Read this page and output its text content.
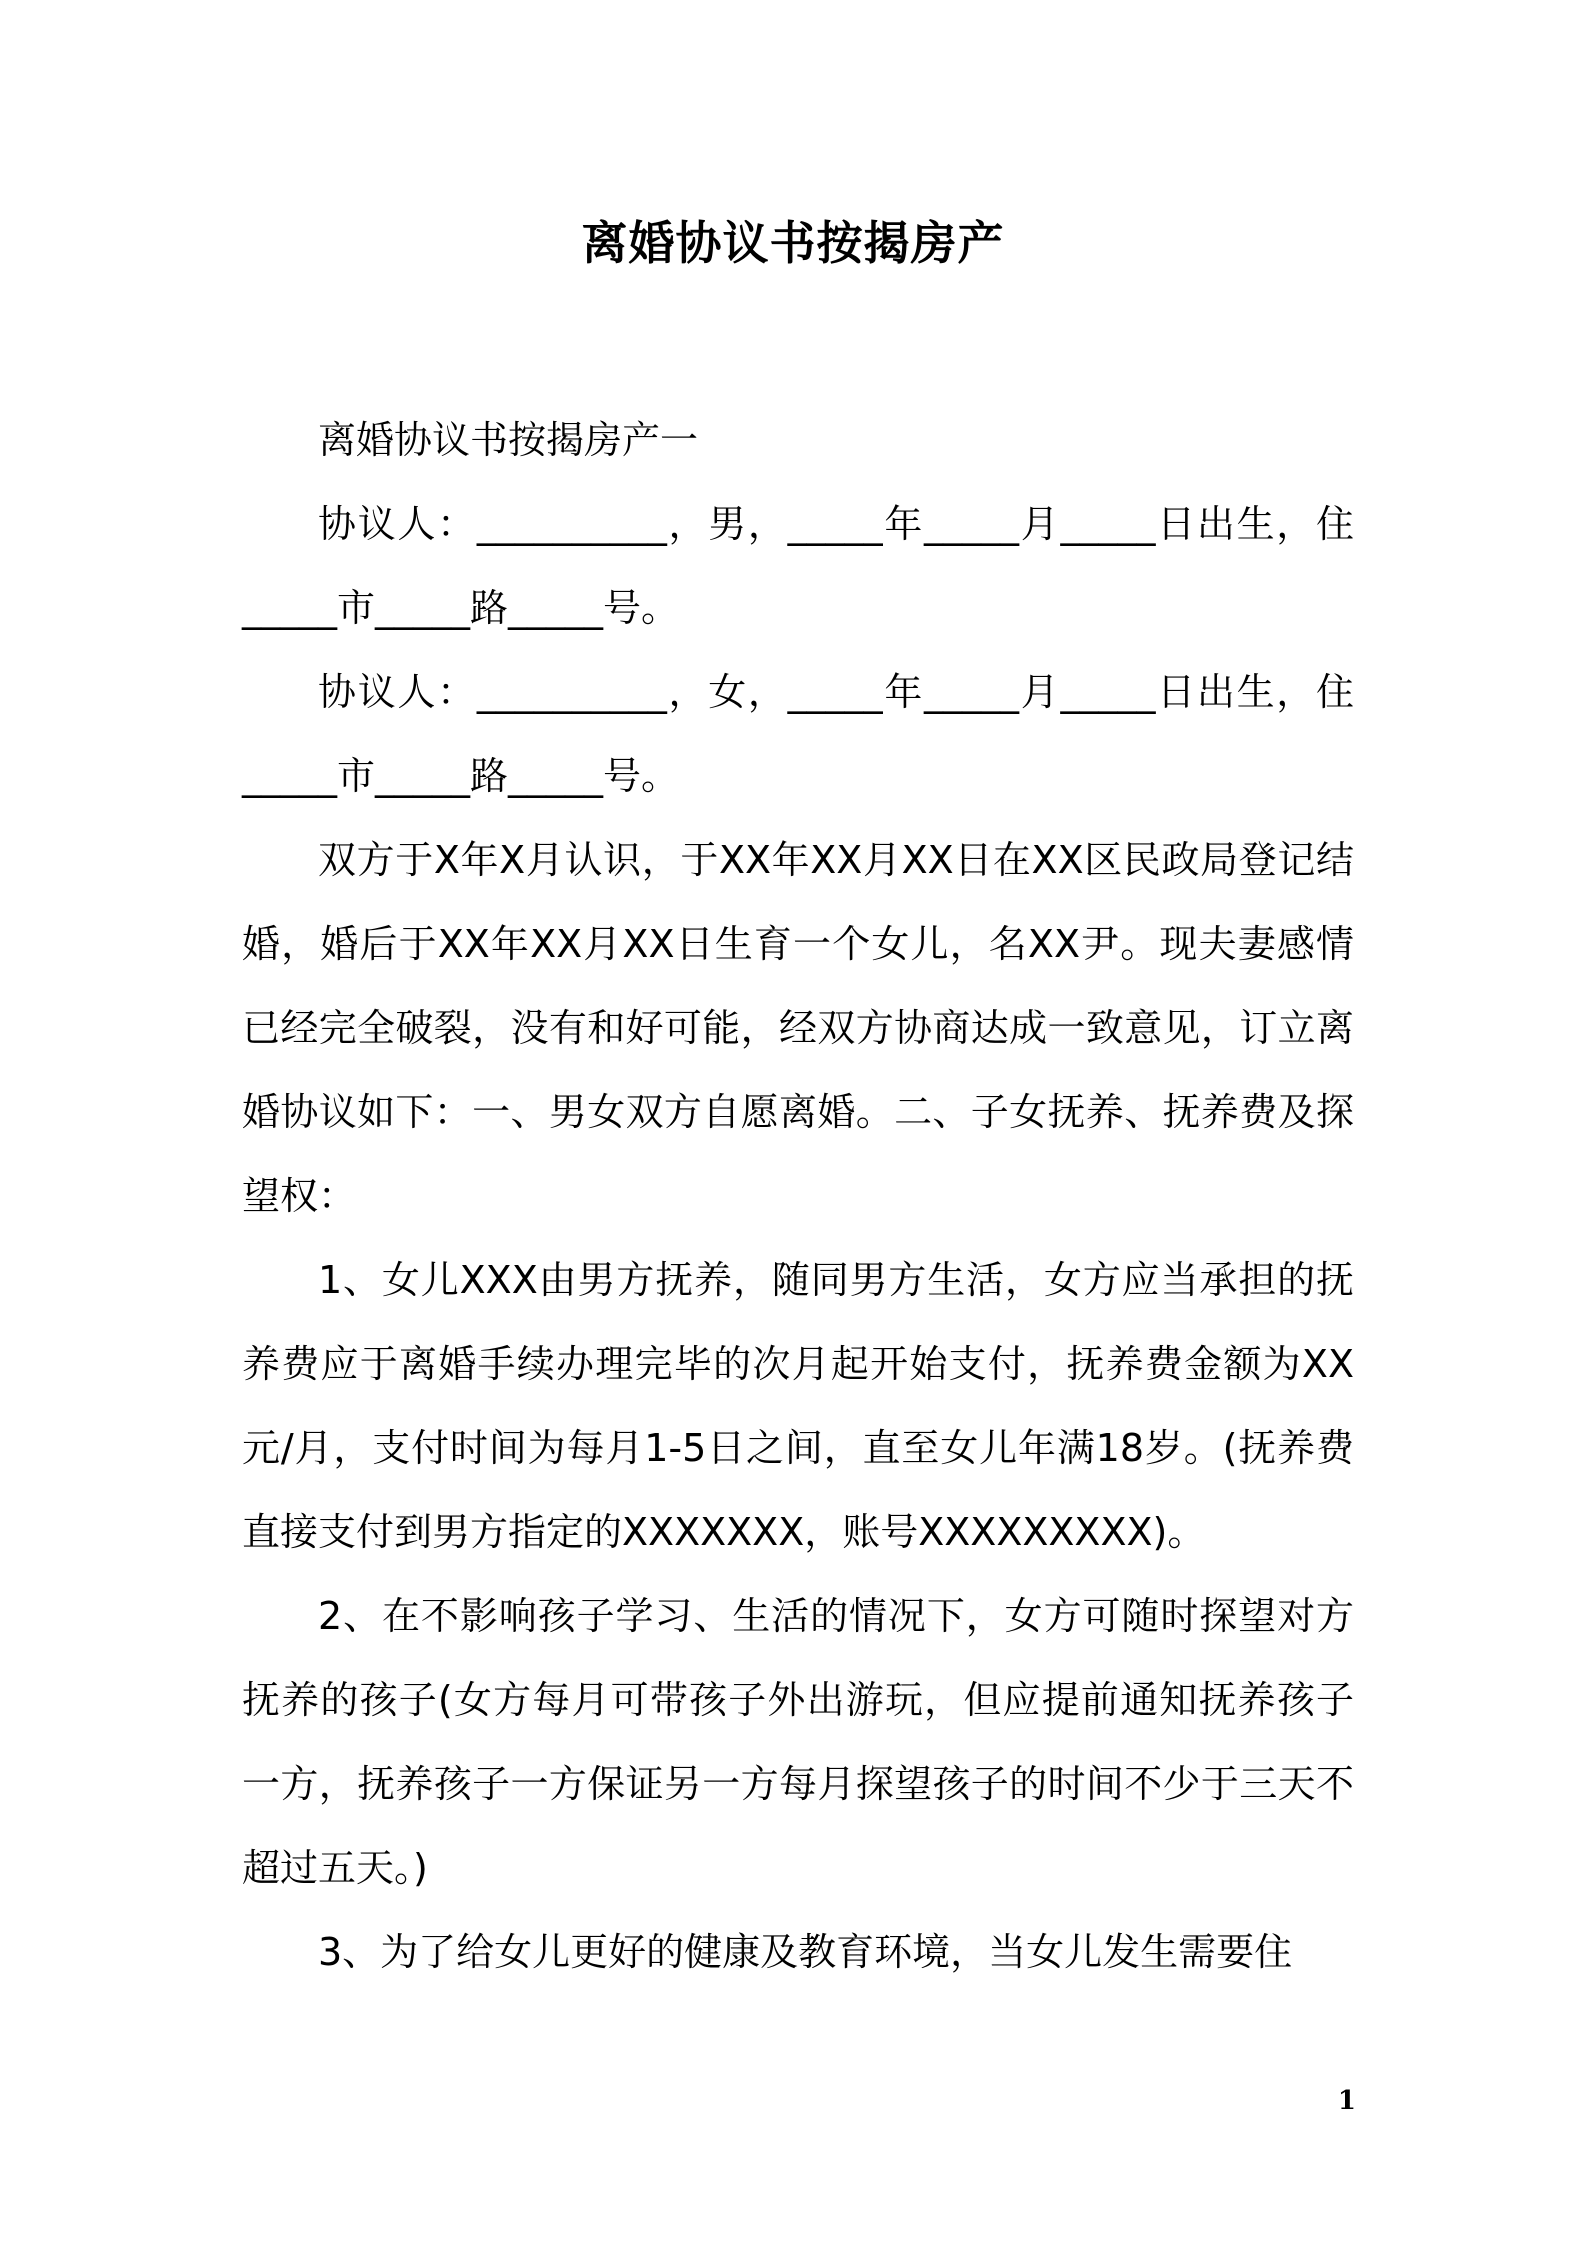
离婚协议书按揭房产

离婚协议书按揭房产一

协议人：__________，男，_____年_____月_____日出生，住_____市_____路_____号。

协议人：__________，女，_____年_____月_____日出生，住_____市_____路_____号。

双方于X年X月认识，于XX年XX月XX日在XX区民政局登记结婚，婚后于XX年XX月XX日生育一个女儿，名XX尹。现夫妻感情已经完全破裂，没有和好可能，经双方协商达成一致意见，订立离婚协议如下：一、男女双方自愿离婚。二、子女抚养、抚养费及探望权：

1、女儿XXX由男方抚养，随同男方生活，女方应当承担的抚养费应于离婚手续办理完毕的次月起开始支付，抚养费金额为XX元/月，支付时间为每月1-5日之间，直至女儿年满18岁。(抚养费直接支付到男方指定的XXXXXXX，账号XXXXXXXXX)。

2、在不影响孩子学习、生活的情况下，女方可随时探望对方抚养的孩子(女方每月可带孩子外出游玩，但应提前通知抚养孩子一方，抚养孩子一方保证另一方每月探望孩子的时间不少于三天不超过五天。)

3、为了给女儿更好的健康及教育环境，当女儿发生需要住

1
